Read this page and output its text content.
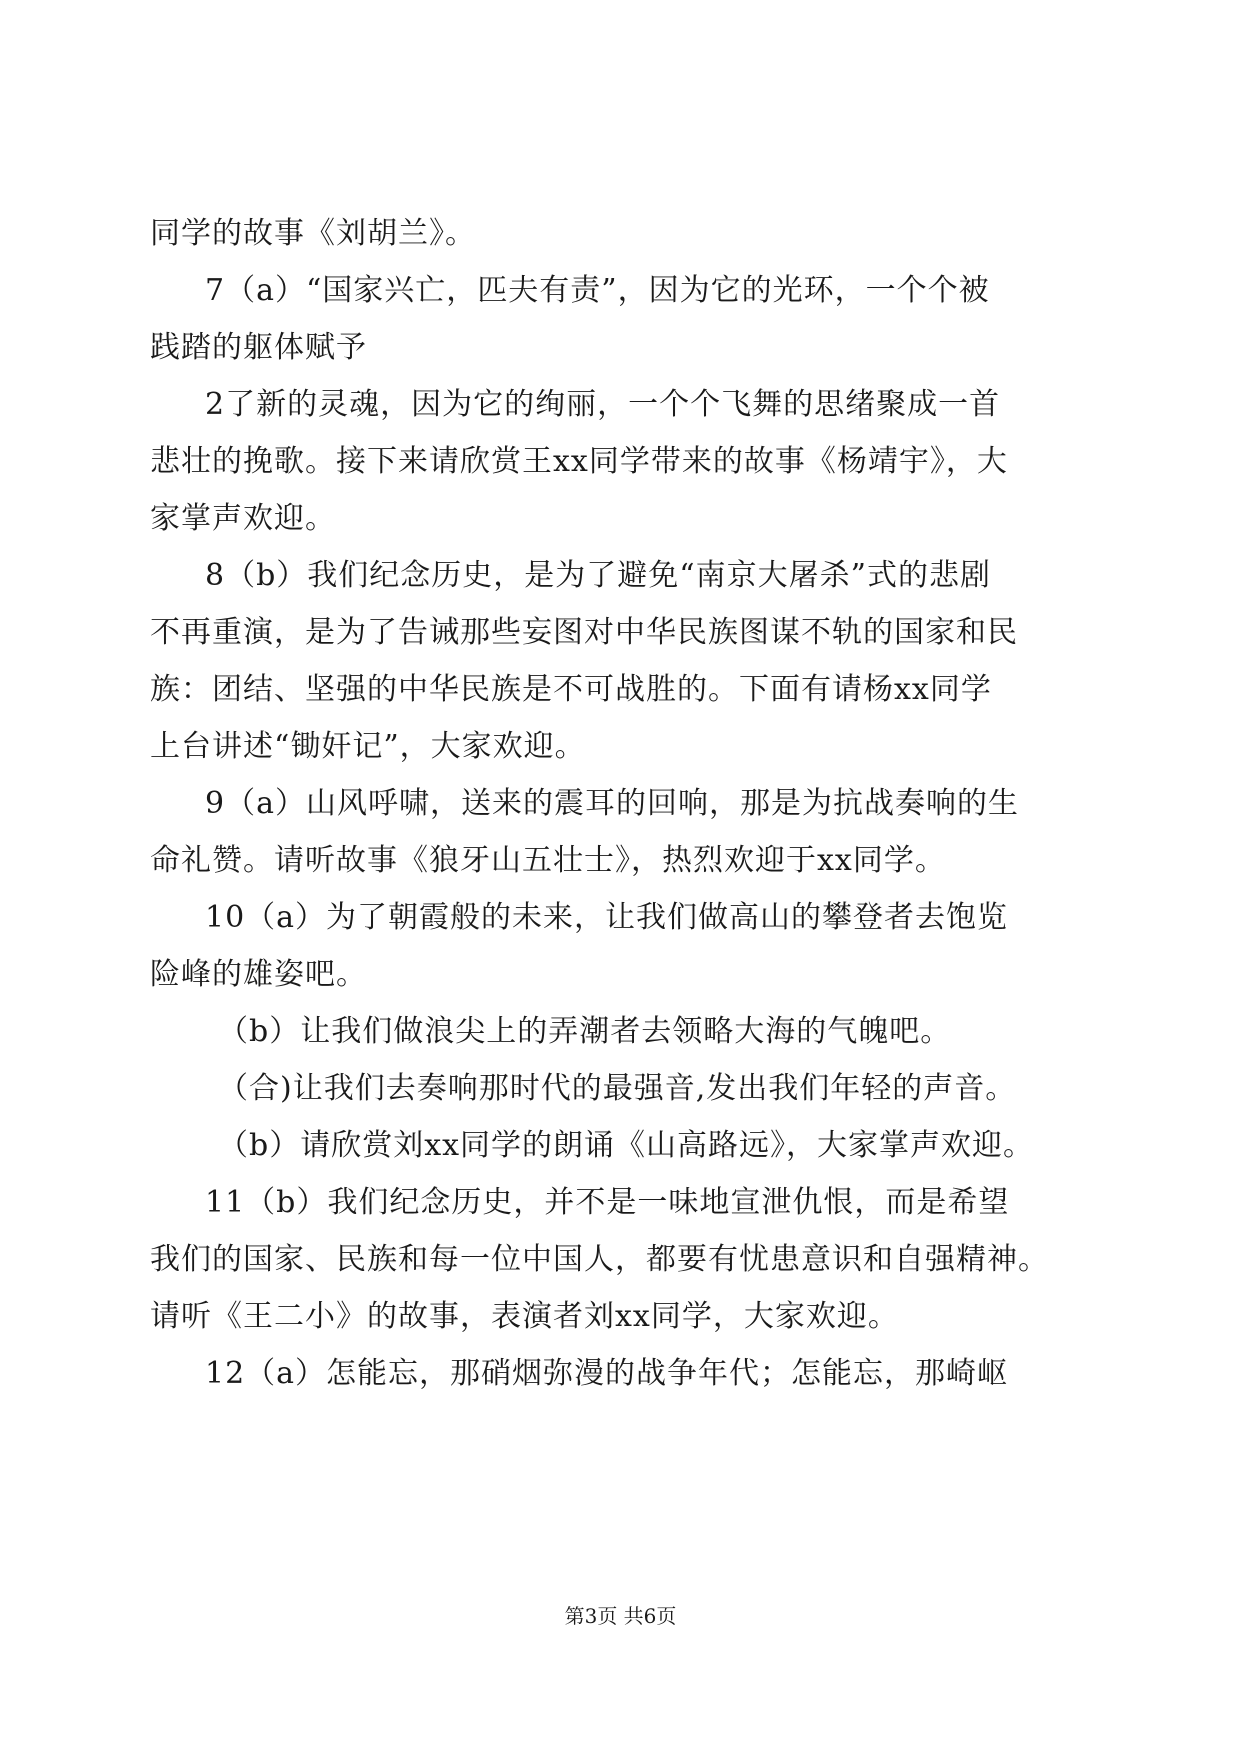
同学的故事《刘胡兰》。
7（a）“国家兴亡，匹夫有责”，因为它的光环，一个个被
践踏的躯体赋予
2了新的灵魂，因为它的绚丽，一个个飞舞的思绪聚成一首
悲壮的挽歌。接下来请欣赏王xx同学带来的故事《杨靖宇》，大
家掌声欢迎。
8（b）我们纪念历史，是为了避免“南京大屠杀”式的悲剧
不再重演，是为了告诫那些妄图对中华民族图谋不轨的国家和民
族：团结、坚强的中华民族是不可战胜的。下面有请杨xx同学
上台讲述“锄奸记”，大家欢迎。
9（a）山风呼啸，送来的震耳的回响，那是为抗战奏响的生
命礼赞。请听故事《狼牙山五壮士》，热烈欢迎于xx同学。
10（a）为了朝霞般的未来，让我们做高山的攀登者去饱览
险峰的雄姿吧。
（b）让我们做浪尖上的弄潮者去领略大海的气魄吧。
（合)让我们去奏响那时代的最强音,发出我们年轻的声音。
（b）请欣赏刘xx同学的朗诵《山高路远》，大家掌声欢迎。
11（b）我们纪念历史，并不是一味地宣泄仇恨，而是希望
我们的国家、民族和每一位中国人，都要有忧患意识和自强精神。
请听《王二小》的故事，表演者刘xx同学，大家欢迎。
12（a）怎能忘，那硝烟弥漫的战争年代；怎能忘，那崎岖
第3页 共6页
